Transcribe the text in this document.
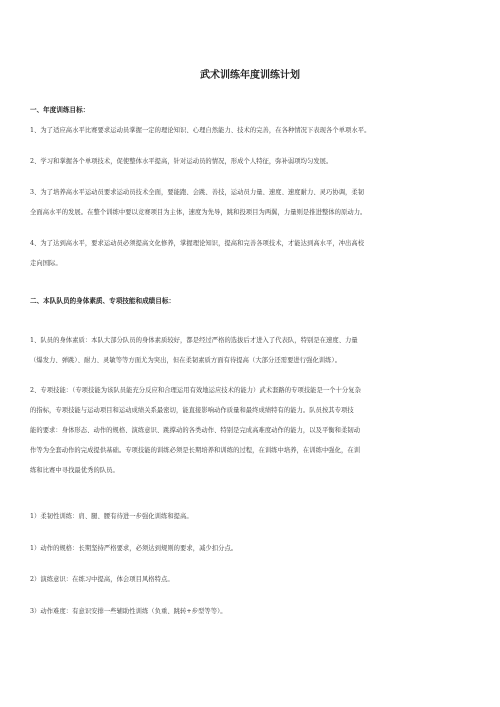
武术训练年度训练计划
一、年度训练目标：
1、为了适应高水平比赛要求运动员掌握一定的理论知识、心理自然能力、技术的完善，在各种情况下表现各个单项水平。
2、学习和掌握各个单项技术，促使整体水平提高，针对运动员的情况，形成个人特征，弥补弱项均匀发展。
3、为了培养高水平运动员要求运动员技术全面，要能跑、会跳、善技，运动员力量、速度、速度耐力、灵巧协调，柔韧
全面高水平的发展。在整个训练中要以竞赛项目为主体，速度为先导，跳和投项目为两翼，力量则是推进整体的原动力。
4、为了达到高水平，要求运动员必须提高文化修养，掌握理论知识，提高和完善各项技术，才能达到高水平，冲出高校
走向国际。
二、本队队员的身体素质、专项技能和成绩目标：
1、队员的身体素质：本队大部分队员的身体素质较好，都是经过严格的选拔后才进入了代表队，特别是在速度、力量
（爆发力、弹跳）、耐力、灵敏等等方面尤为突出，但在柔韧素质方面有待提高（大部分还需要进行强化训练）。
2、专项技能：（专项技能为该队员能充分反应和合理运用有效地运应技术的能力）武术套路的专项技能是一个十分复杂
的指标，专项技能与运动项目和运动成绩关系最密切，能直接影响动作质量和最终成绩特有的能力。队员按其专项技
能的要求：身体形态、动作的规格、演练意识、跳撑动的各类动作、特别是完成高难度动作的能力，以及平衡和柔韧动
作等为全套动作的完成提供基础。专项技能的训练必须是长期培养和训练的过程，在训练中培养，在训练中强化，在训
练和比赛中寻找最优秀的队员。
1）柔韧性训练：肩、腿、腰有待进一步强化训练和提高。
1）动作的规格：长期坚持严格要求，必须达到规则的要求，减少扣分点。
2）演练意识：在练习中提高，体会项目风格特点。
3）动作难度：有意识安排一些辅助性训练（负重、跳转+步型等等）。
